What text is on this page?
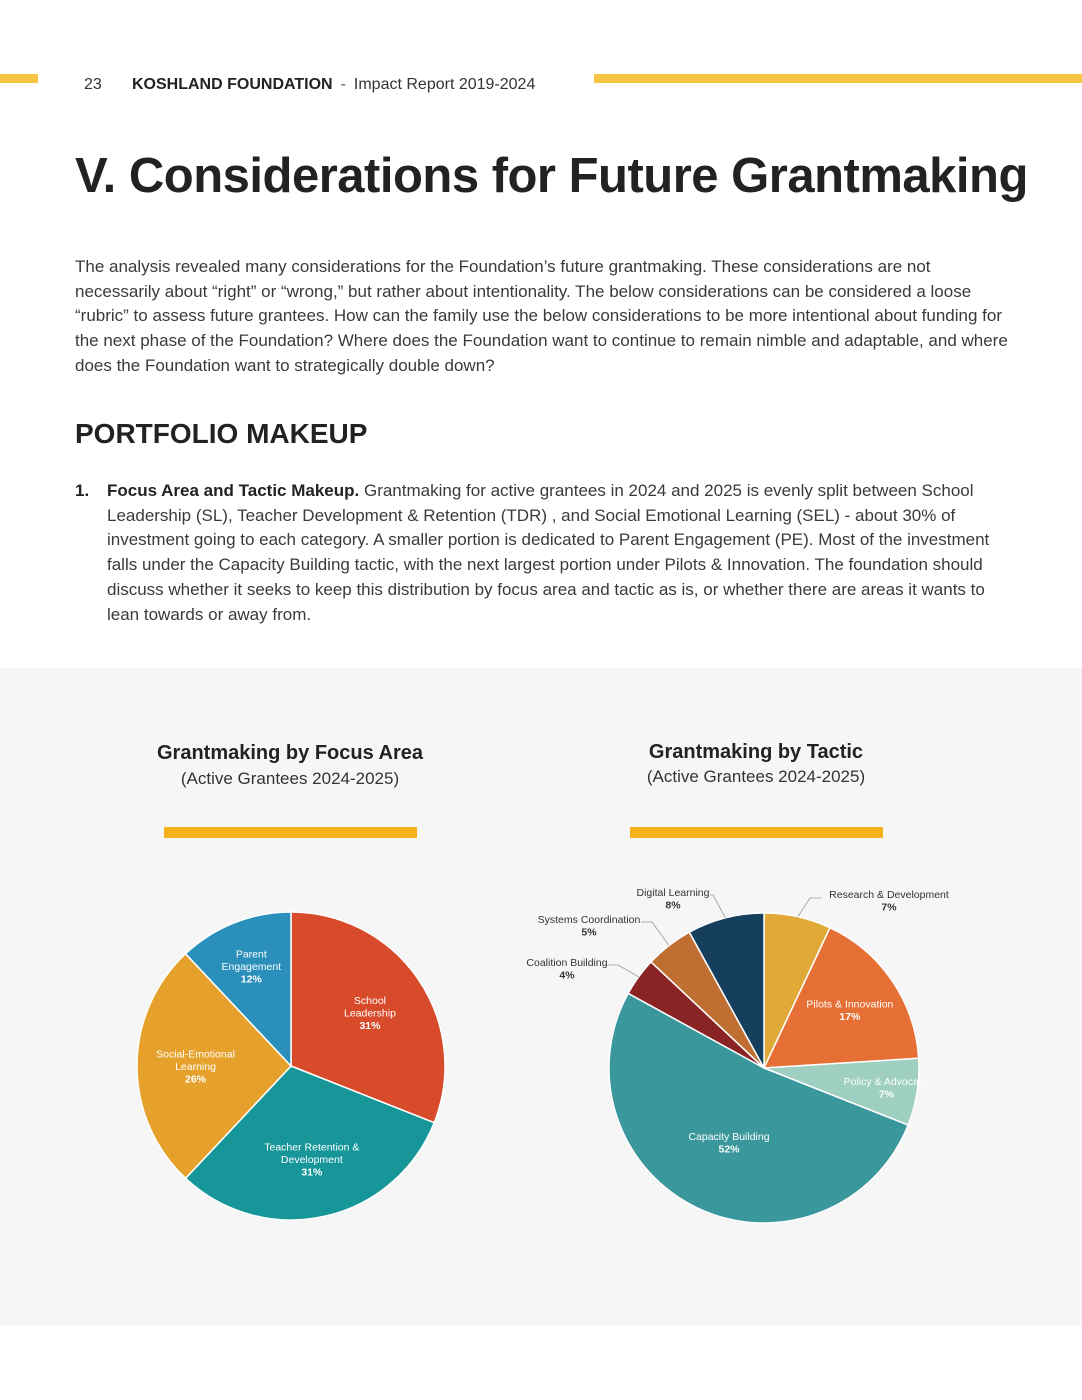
23 KOSHLAND FOUNDATION - Impact Report 2019-2024
V. Considerations for Future Grantmaking

The analysis revealed many considerations for the Foundation’s future grantmaking. These considerations are not necessarily about “right” or “wrong,” but rather about intentionality. The below considerations can be considered a loose “rubric” to assess future grantees. How can the family use the below considerations to be more intentional about funding for the next phase of the Foundation? Where does the Foundation want to continue to remain nimble and adaptable, and where does the Foundation want to strategically double down?

PORTFOLIO MAKEUP
1. Focus Area and Tactic Makeup. Grantmaking for active grantees in 2024 and 2025 is evenly split between School Leadership (SL), Teacher Development & Retention (TDR) , and Social Emotional Learning (SEL) - about 30% of investment going to each category. A smaller portion is dedicated to Parent Engagement (PE). Most of the investment falls under the Capacity Building tactic, with the next largest portion under Pilots & Innovation. The foundation should discuss whether it seeks to keep this distribution by focus area and tactic as is, or whether there are areas it wants to lean towards or away from.
Grantmaking by Focus Area
(Active Grantees 2024-2025)
Grantmaking by Tactic
(Active Grantees 2024-2025)
School Leadership 31%
Teacher Retention & Development 31%
Social-Emotional Learning 26%
Parent Engagement 12%
Research & Development 7%
Pilots & Innovation 17%
Policy & Advocacy 7%
Capacity Building 52%
Coalition Building 4%
Systems Coordination 5%
Digital Learning 8%
